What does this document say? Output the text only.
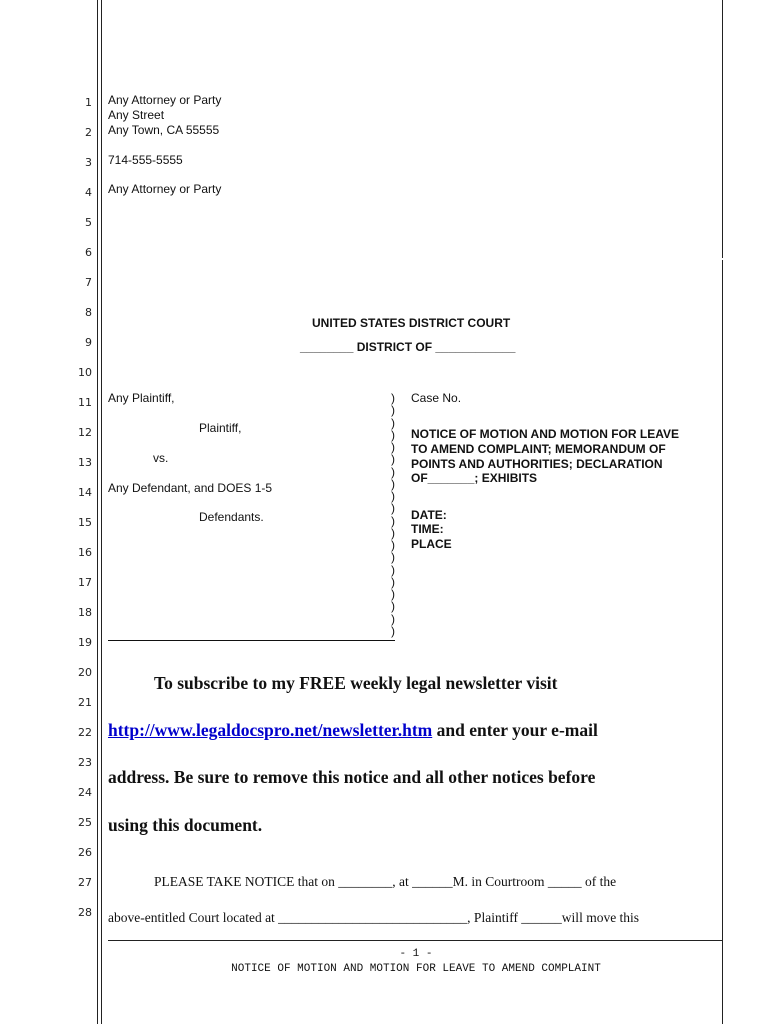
1
2
3
4
5
6
7
8
9
10
11
12
13
14
15
16
17
18
19
20
21
22
23
24
25
26
27
28
Any Attorney or Party
Any Street
Any Town, CA 55555
714-555-5555
Any Attorney or Party
UNITED STATES DISTRICT COURT
________ DISTRICT OF ____________
Any Plaintiff,
Plaintiff,
vs.
Any Defendant, and DOES 1-5
Defendants.
)
)
)
)
)
)
)
)
)
)
)
)
)
)
)
)
)
)
)
)
Case No.
NOTICE OF MOTION AND MOTION FOR LEAVE
TO AMEND COMPLAINT; MEMORANDUM OF
POINTS AND AUTHORITIES; DECLARATION
OF_______; EXHIBITS
DATE:
TIME:
PLACE
To subscribe to my FREE weekly legal newsletter visit
http://www.legaldocspro.net/newsletter.htm and enter your e-mail
address. Be sure to remove this notice and all other notices before
using this document.
PLEASE TAKE NOTICE that on ________, at ______M. in Courtroom _____ of the
above-entitled Court located at ____________________________, Plaintiff ______will move this
- 1 -
NOTICE OF MOTION AND MOTION FOR LEAVE TO AMEND COMPLAINT
